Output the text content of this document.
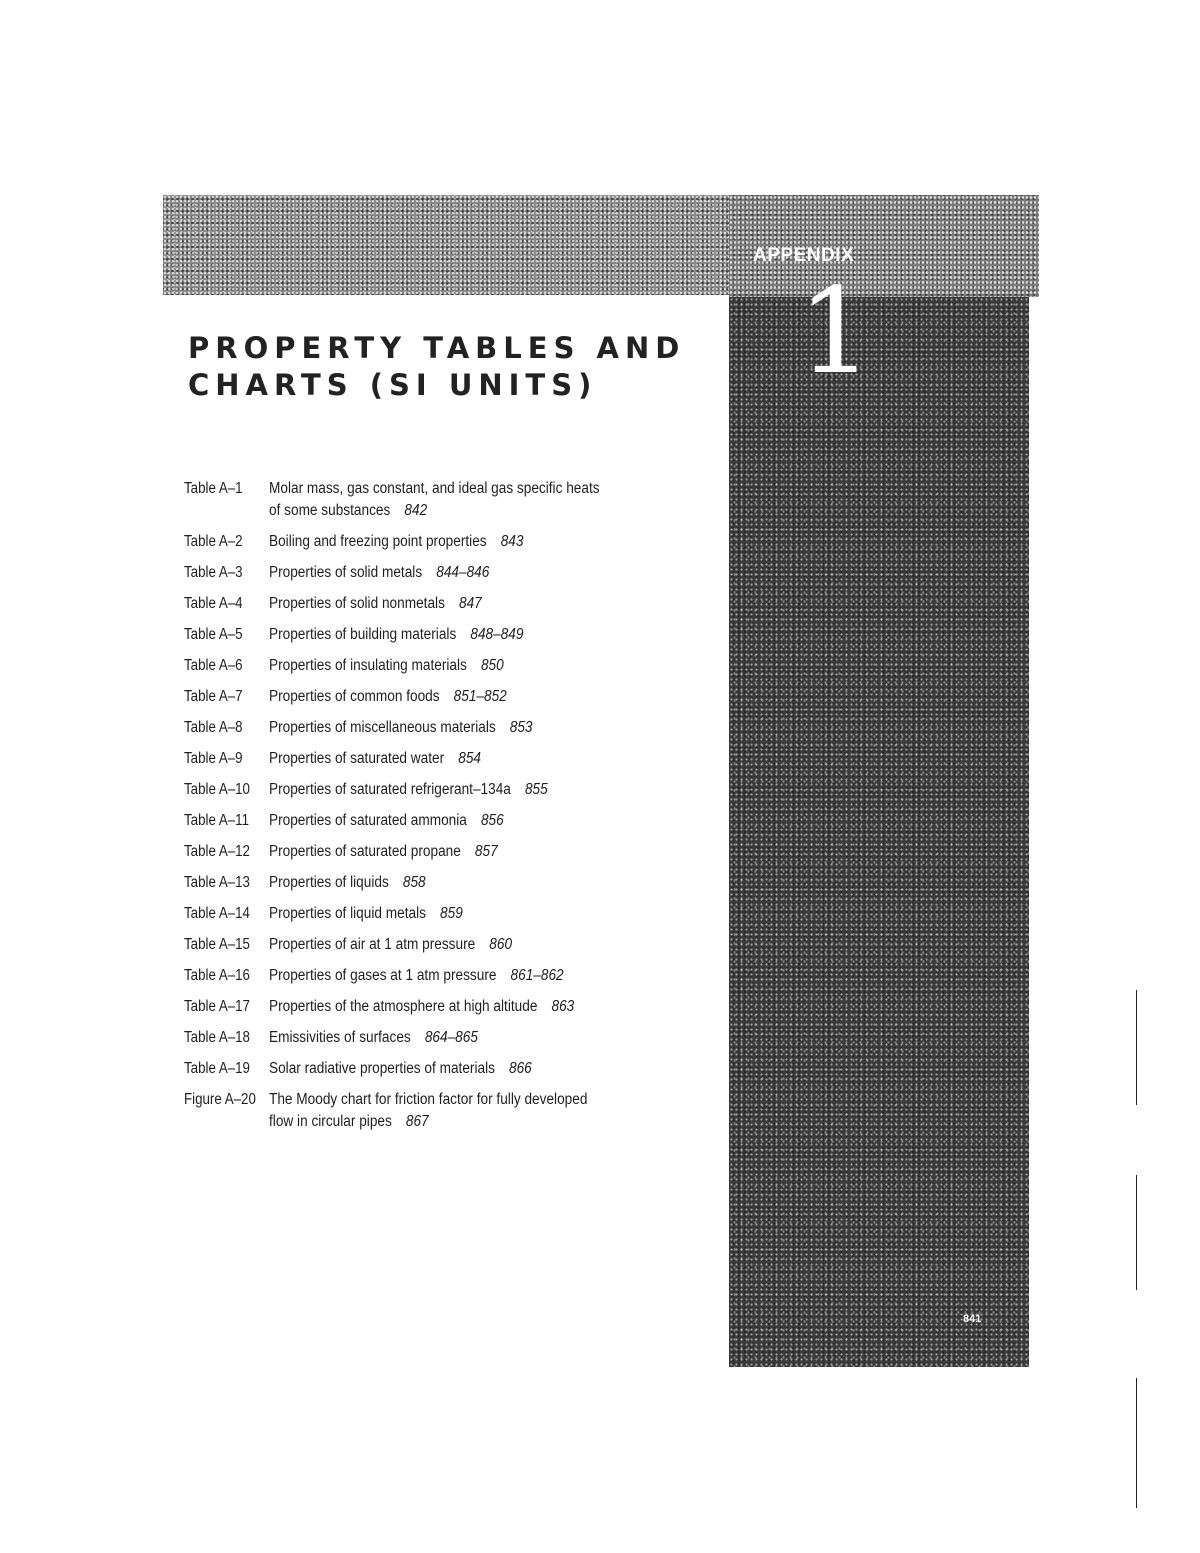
APPENDIX
1
841
PROPERTY TABLES AND
CHARTS (SI UNITS)
Table A–1	Molar mass, gas constant, and ideal gas specific heats of some substances 842
Table A–2	Boiling and freezing point properties 843
Table A–3	Properties of solid metals 844–846
Table A–4	Properties of solid nonmetals 847
Table A–5	Properties of building materials 848–849
Table A–6	Properties of insulating materials 850
Table A–7	Properties of common foods 851–852
Table A–8	Properties of miscellaneous materials 853
Table A–9	Properties of saturated water 854
Table A–10	Properties of saturated refrigerant–134a 855
Table A–11	Properties of saturated ammonia 856
Table A–12	Properties of saturated propane 857
Table A–13	Properties of liquids 858
Table A–14	Properties of liquid metals 859
Table A–15	Properties of air at 1 atm pressure 860
Table A–16	Properties of gases at 1 atm pressure 861–862
Table A–17	Properties of the atmosphere at high altitude 863
Table A–18	Emissivities of surfaces 864–865
Table A–19	Solar radiative properties of materials 866
Figure A–20 The Moody chart for friction factor for fully developed flow in circular pipes 867
